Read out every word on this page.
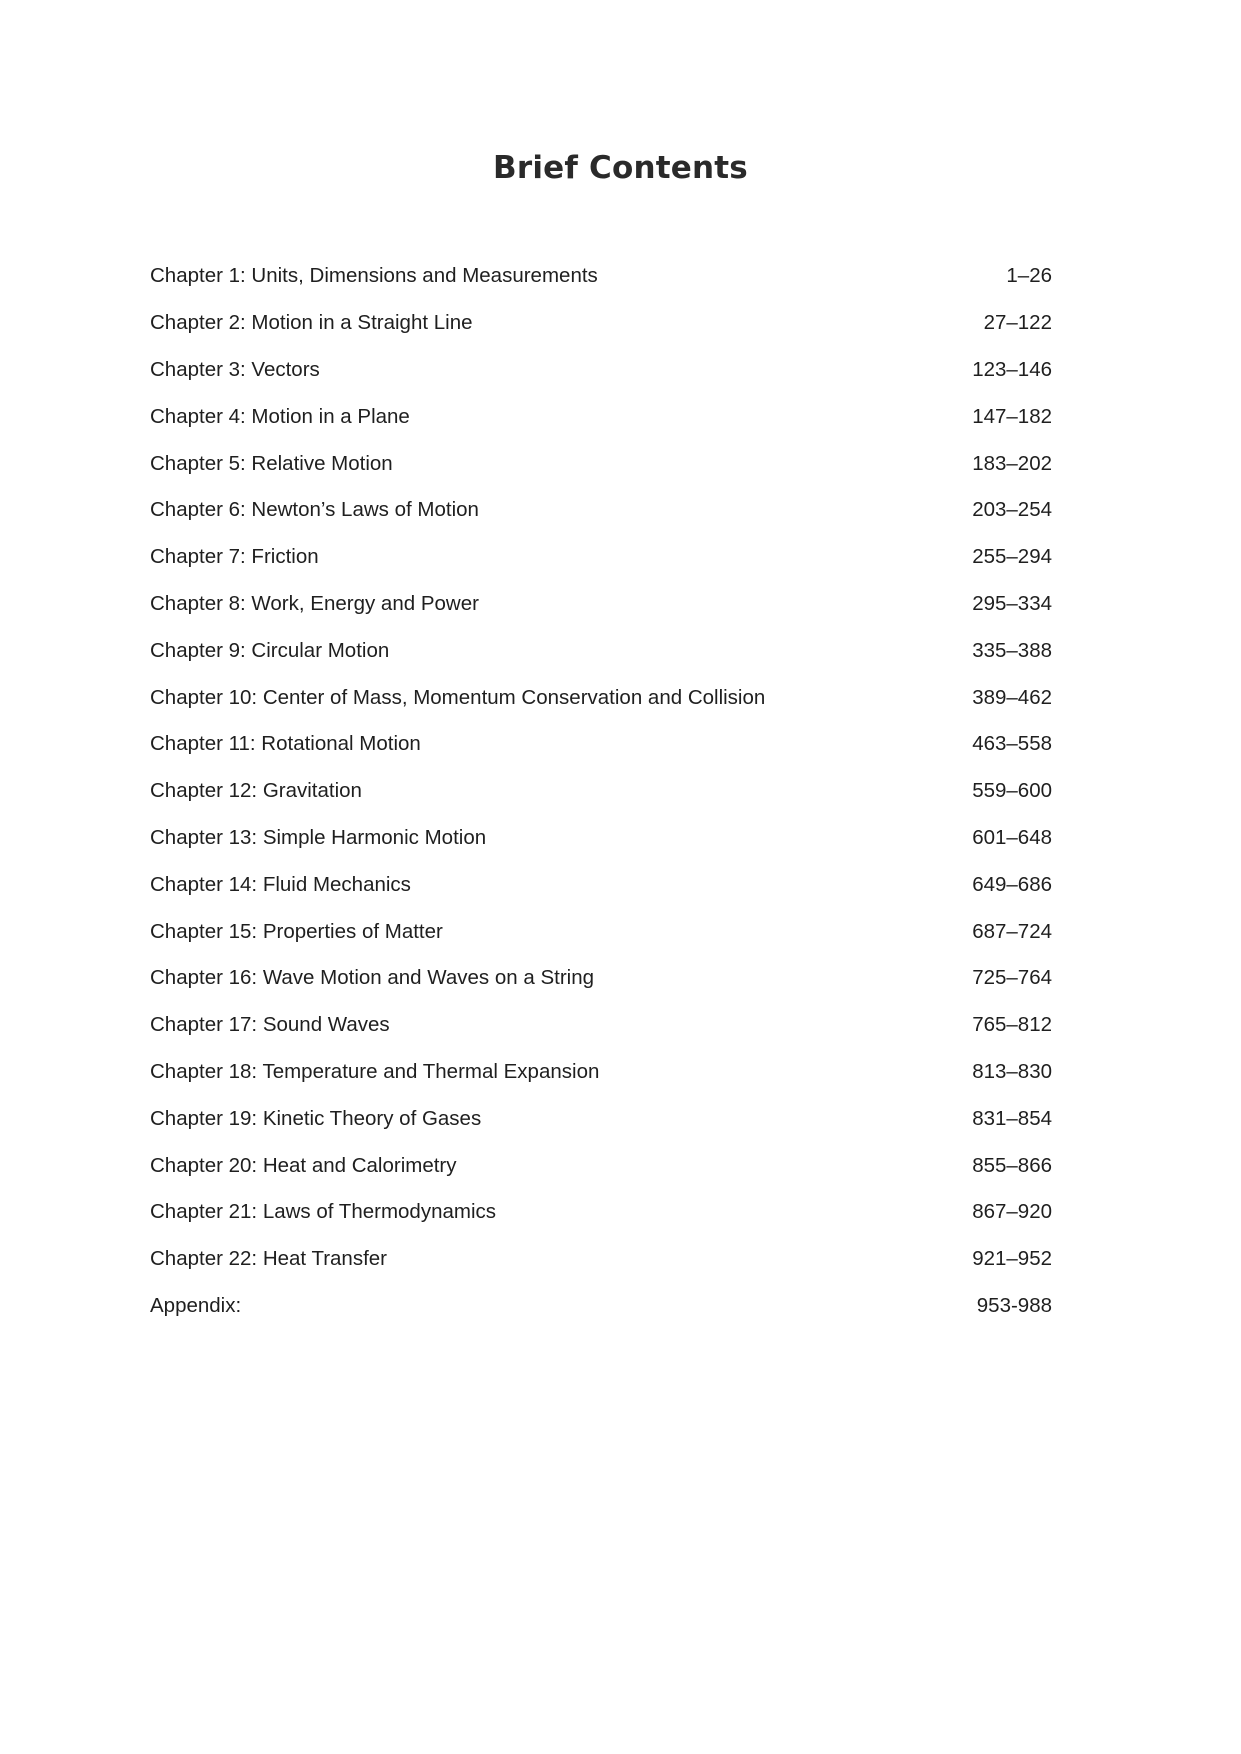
Brief Contents
Chapter 1: Units, Dimensions and Measurements	1–26
Chapter 2: Motion in a Straight Line	27–122
Chapter 3: Vectors	123–146
Chapter 4: Motion in a Plane	147–182
Chapter 5: Relative Motion	183–202
Chapter 6: Newton’s Laws of Motion	203–254
Chapter 7: Friction	255–294
Chapter 8: Work, Energy and Power	295–334
Chapter 9: Circular Motion	335–388
Chapter 10: Center of Mass, Momentum Conservation and Collision	389–462
Chapter 11: Rotational Motion	463–558
Chapter 12: Gravitation	559–600
Chapter 13: Simple Harmonic Motion	601–648
Chapter 14: Fluid Mechanics	649–686
Chapter 15: Properties of Matter	687–724
Chapter 16: Wave Motion and Waves on a String	725–764
Chapter 17: Sound Waves	765–812
Chapter 18: Temperature and Thermal Expansion	813–830
Chapter 19: Kinetic Theory of Gases	831–854
Chapter 20: Heat and Calorimetry	855–866
Chapter 21: Laws of Thermodynamics	867–920
Chapter 22: Heat Transfer	921–952
Appendix:	953-988
